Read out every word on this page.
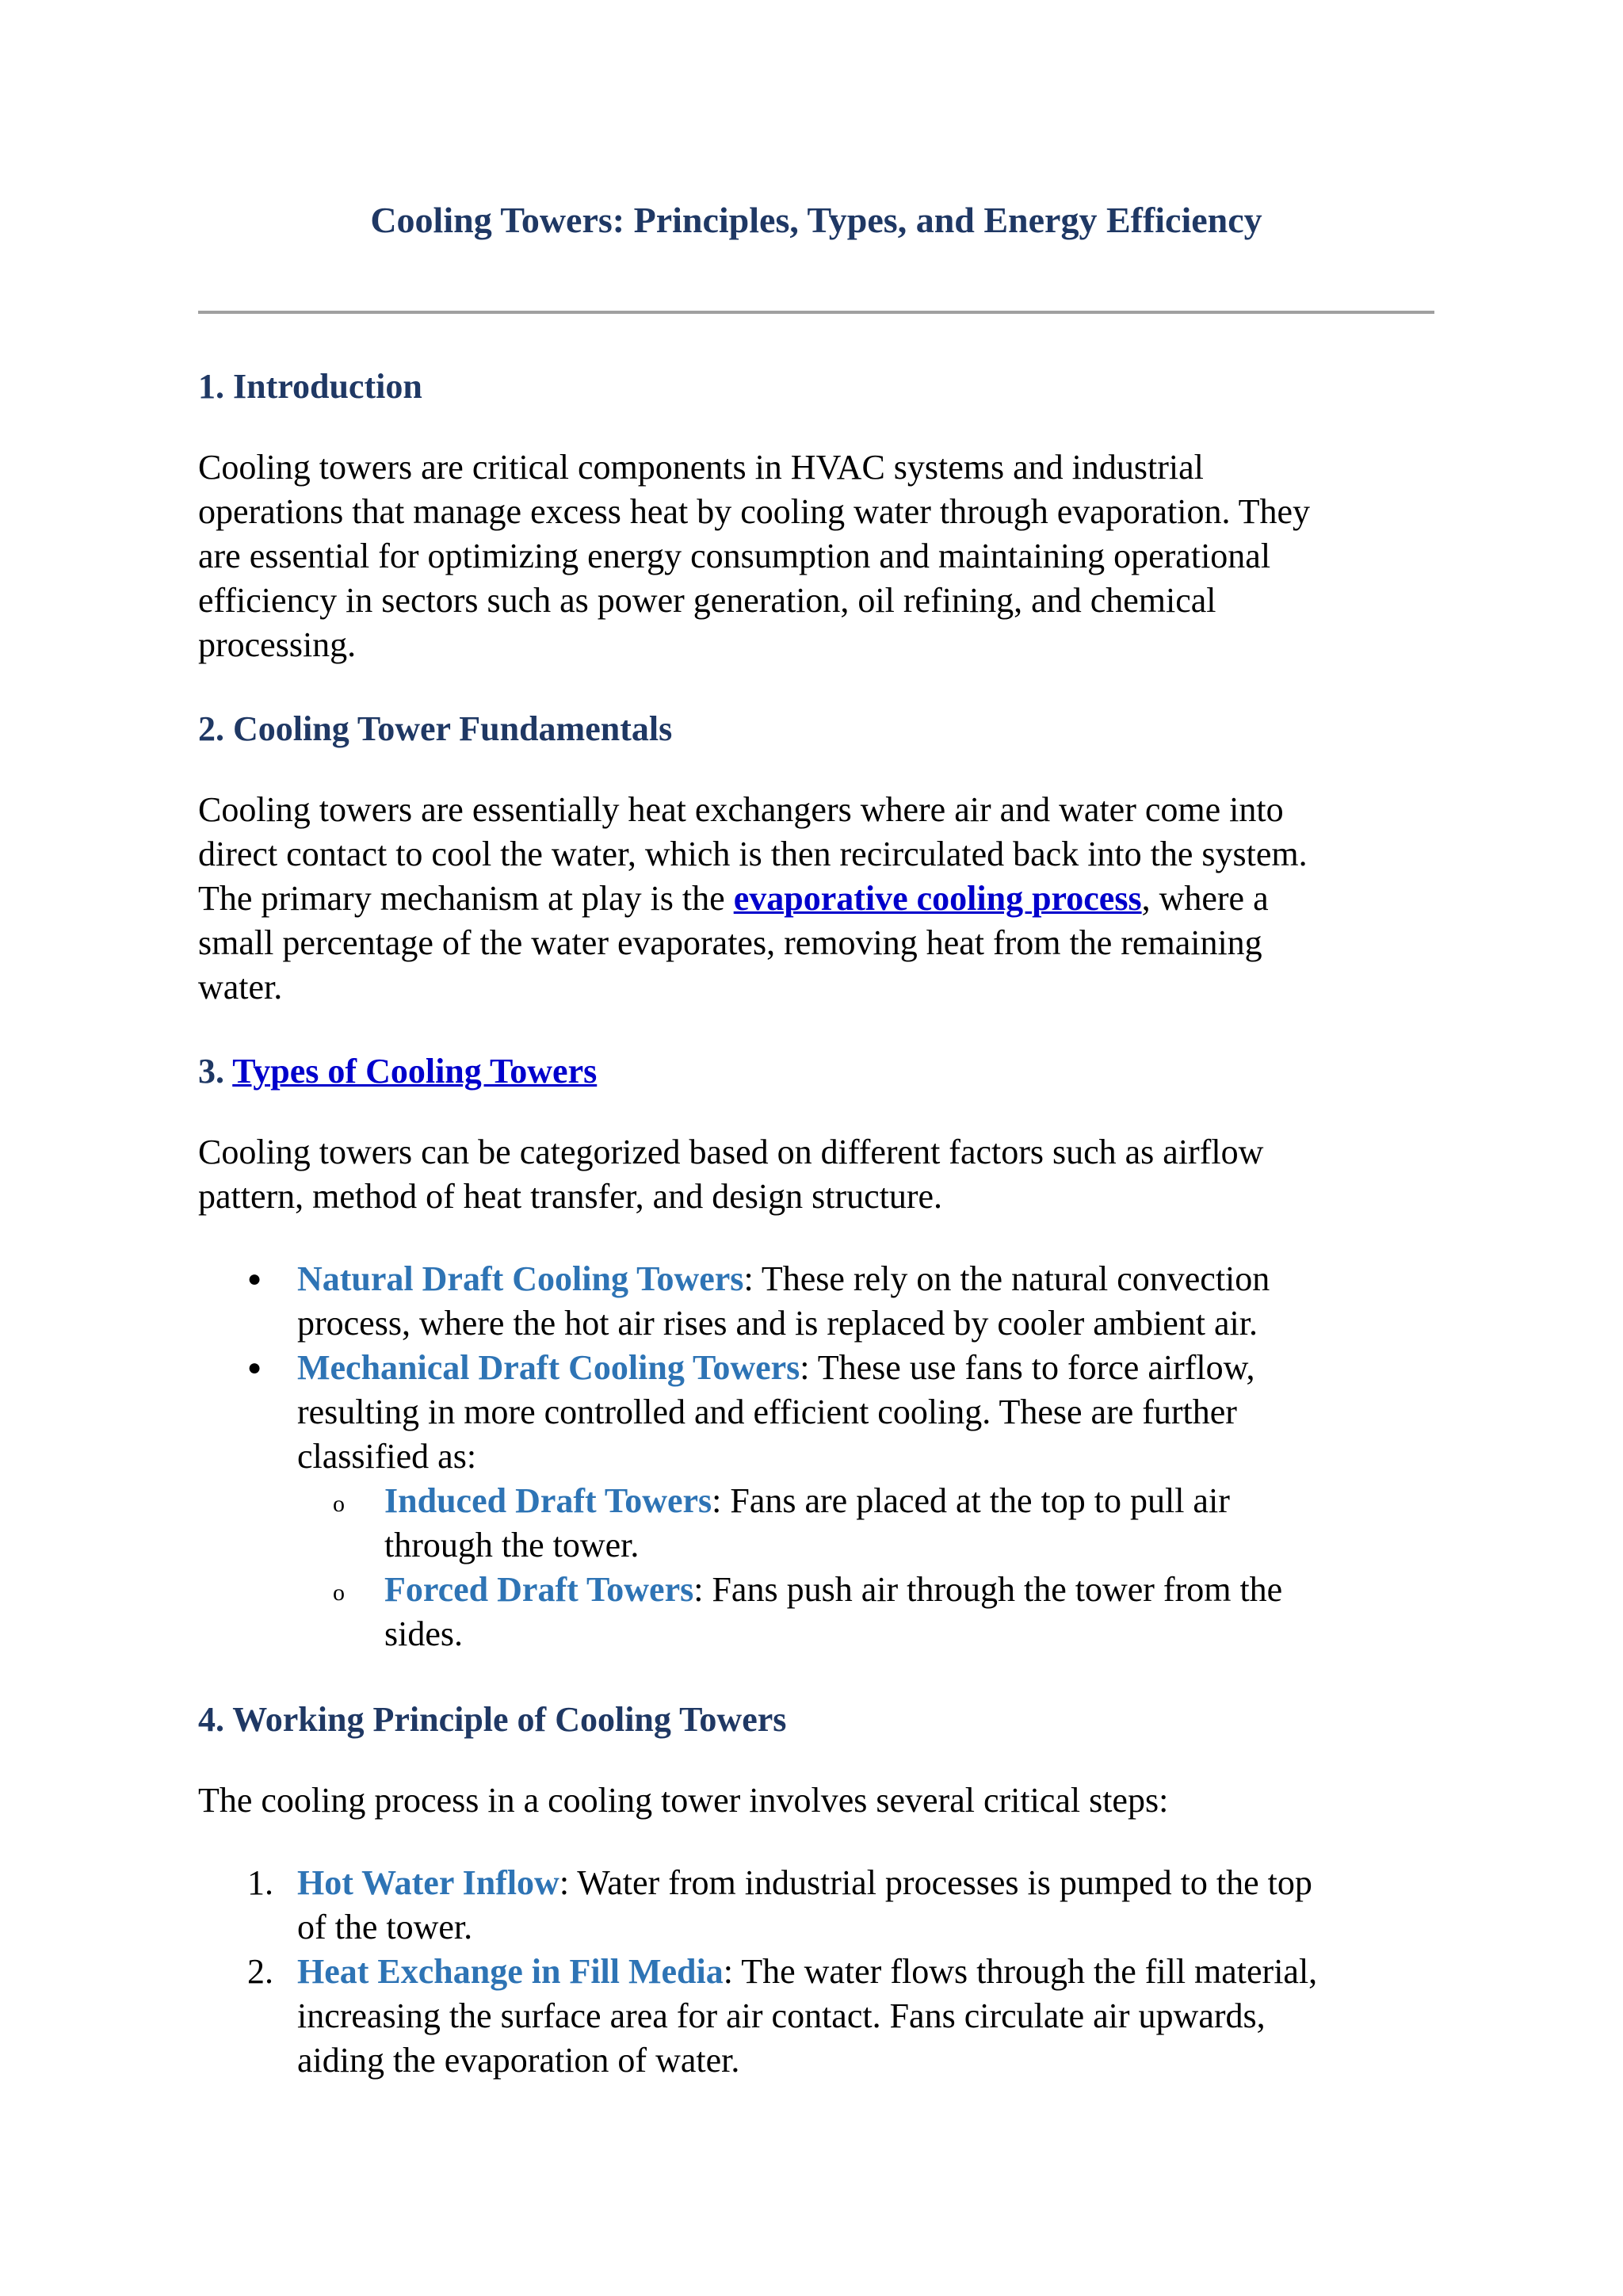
Cooling Towers: Principles, Types, and Energy Efficiency
1. Introduction

Cooling towers are critical components in HVAC systems and industrial
operations that manage excess heat by cooling water through evaporation. They
are essential for optimizing energy consumption and maintaining operational
efficiency in sectors such as power generation, oil refining, and chemical
processing.

2. Cooling Tower Fundamentals

Cooling towers are essentially heat exchangers where air and water come into
direct contact to cool the water, which is then recirculated back into the system.
The primary mechanism at play is the evaporative cooling process, where a
small percentage of the water evaporates, removing heat from the remaining
water.

3. Types of Cooling Towers

Cooling towers can be categorized based on different factors such as airflow
pattern, method of heat transfer, and design structure.

● Natural Draft Cooling Towers: These rely on the natural convection
process, where the hot air rises and is replaced by cooler ambient air.
● Mechanical Draft Cooling Towers: These use fans to force airflow,
resulting in more controlled and efficient cooling. These are further
classified as:
o Induced Draft Towers: Fans are placed at the top to pull air
through the tower.
o Forced Draft Towers: Fans push air through the tower from the
sides.
4. Working Principle of Cooling Towers

The cooling process in a cooling tower involves several critical steps:

1. Hot Water Inflow: Water from industrial processes is pumped to the top
of the tower.
2. Heat Exchange in Fill Media: The water flows through the fill material,
increasing the surface area for air contact. Fans circulate air upwards,
aiding the evaporation of water.
